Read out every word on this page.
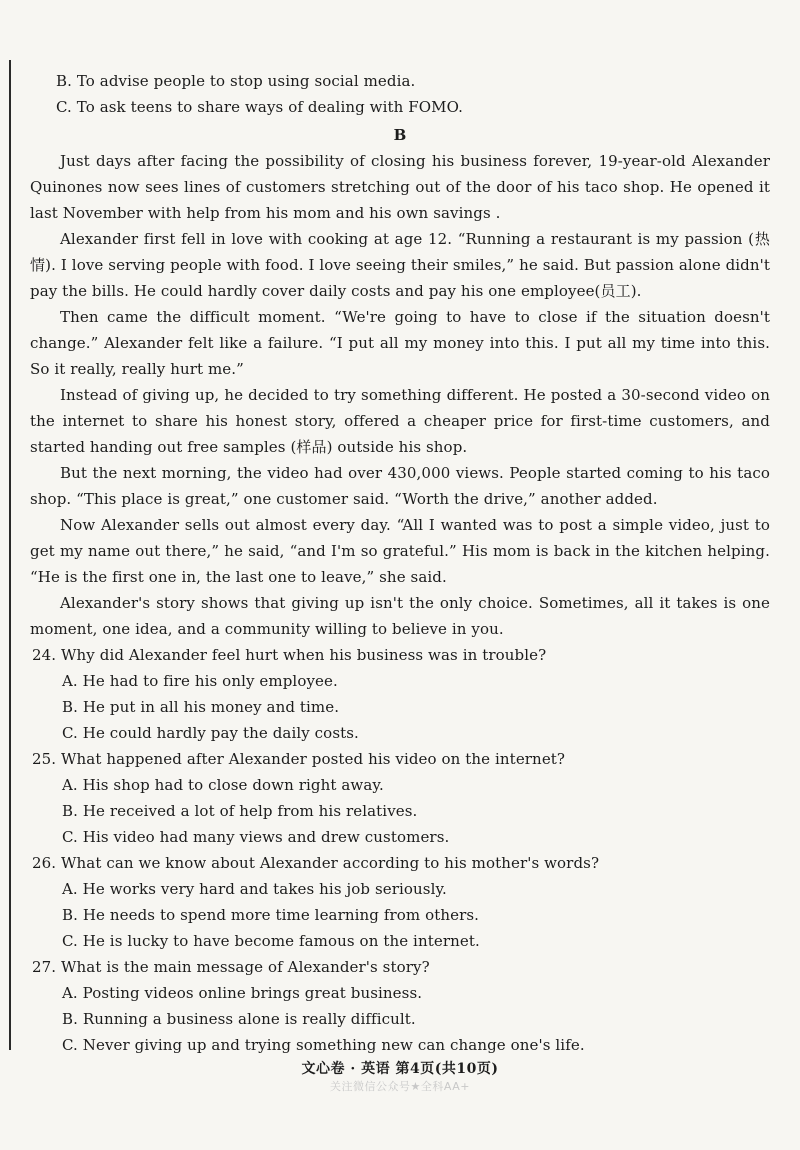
B. To advise people to stop using social media.

C. To ask teens to share ways of dealing with FOMO.

B

Just days after facing the possibility of closing his business forever, 19-year-old Alexander Quinones now sees lines of customers stretching out of the door of his taco shop. He opened it last November with help from his mom and his own savings .

Alexander first fell in love with cooking at age 12. “Running a restaurant is my passion (热情). I love serving people with food. I love seeing their smiles,” he said. But passion alone didn't pay the bills. He could hardly cover daily costs and pay his one employee(员工).

Then came the difficult moment. “We're going to have to close if the situation doesn't change.” Alexander felt like a failure. “I put all my money into this. I put all my time into this. So it really, really hurt me.”

Instead of giving up, he decided to try something different. He posted a 30-second video on the internet to share his honest story, offered a cheaper price for first-time customers, and started handing out free samples (样品) outside his shop.

But the next morning, the video had over 430,000 views. People started coming to his taco shop. “This place is great,” one customer said. “Worth the drive,” another added.

Now Alexander sells out almost every day. “All I wanted was to post a simple video, just to get my name out there,” he said, “and I'm so grateful.” His mom is back in the kitchen helping. “He is the first one in, the last one to leave,” she said.

Alexander's story shows that giving up isn't the only choice. Sometimes, all it takes is one moment, one idea, and a community willing to believe in you.

24. Why did Alexander feel hurt when his business was in trouble?

A. He had to fire his only employee.

B. He put in all his money and time.

C. He could hardly pay the daily costs.

25. What happened after Alexander posted his video on the internet?

A. His shop had to close down right away.

B. He received a lot of help from his relatives.

C. His video had many views and drew customers.

26. What can we know about Alexander according to his mother's words?

A. He works very hard and takes his job seriously.

B. He needs to spend more time learning from others.

C. He is lucky to have become famous on the internet.

27. What is the main message of Alexander's story?

A. Posting videos online brings great business.

B. Running a business alone is really difficult.

C. Never giving up and trying something new can change one's life.

文心卷 · 英语 第4页(共10页)
关注微信公众号★全科AA+
